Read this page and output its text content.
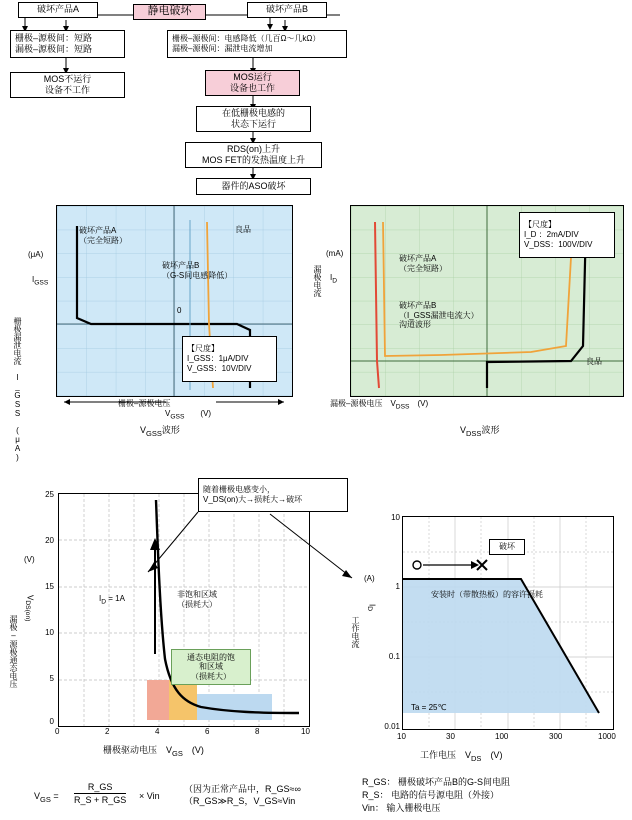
静电破坏
破坏产品A	破坏产品B
栅极–源极间：短路
漏极–源极间：短路
栅极–源极间：电感降低（几百Ω～几kΩ）
漏极–源极间：漏泄电流增加
MOS不运行
设备不工作
MOS运行
设备也工作
在低栅极电感的
状态下运行
RDS(on)上升
MOS FET的发热温度上升
器件的ASO破坏
栅极漏泄电流　I_GSS　(μA)
破坏产品A
（完全短路）
破坏产品B
（G-S间电感降低）
良品
0
【尺度】
I_GSS：1μA/DIV
V_GSS：10V/DIV
(μA)
$I_{GSS}$
栅极–源极电压
$V_{GSS}$　　(V)
$V_{GSS}$波形
漏极电流 $I_D$
(mA)
破坏产品A
（完全短路）
破坏产品B
（I_GSS漏泄电流大）
沟道波形
良品
【尺度】
I_D ：2mA/DIV
V_DSS：100V/DIV
漏极–源极电压　$V_{DSS}$　(V)
$V_{DSS}$波形
漏极–源极通态电压
$V_{DS(on)}$
(V)
25
20
15
10
5
0
$I_D = 1A$	非饱和区域
（损耗大）
通态电阻的饱
和区域
（损耗大）
0	2	4	6	8	10
栅极驱动电压　$V_{GS}$　(V)
随着栅极电感变小，
V_DS(on)大→损耗大→破坏
工作电流
$I_D$
(A)
10
1
0.1
0.01
破坏
安装时（带散热板）的容许损耗
Ta = 25℃
10	30	100	300	1000
工作电压　$V_{DS}$　(V)
$V_{GS} = \frac{R\_GS}{R\_S + R\_GS}$ × Vin
（因为正常产品中，R_GS≈∞
（R_GS≫R_S，V_GS≈Vin
R_GS： 栅极破坏产品B的G-S间电阻
R_S： 电路的信号源电阻（外接）
Vin： 输入栅极电压
